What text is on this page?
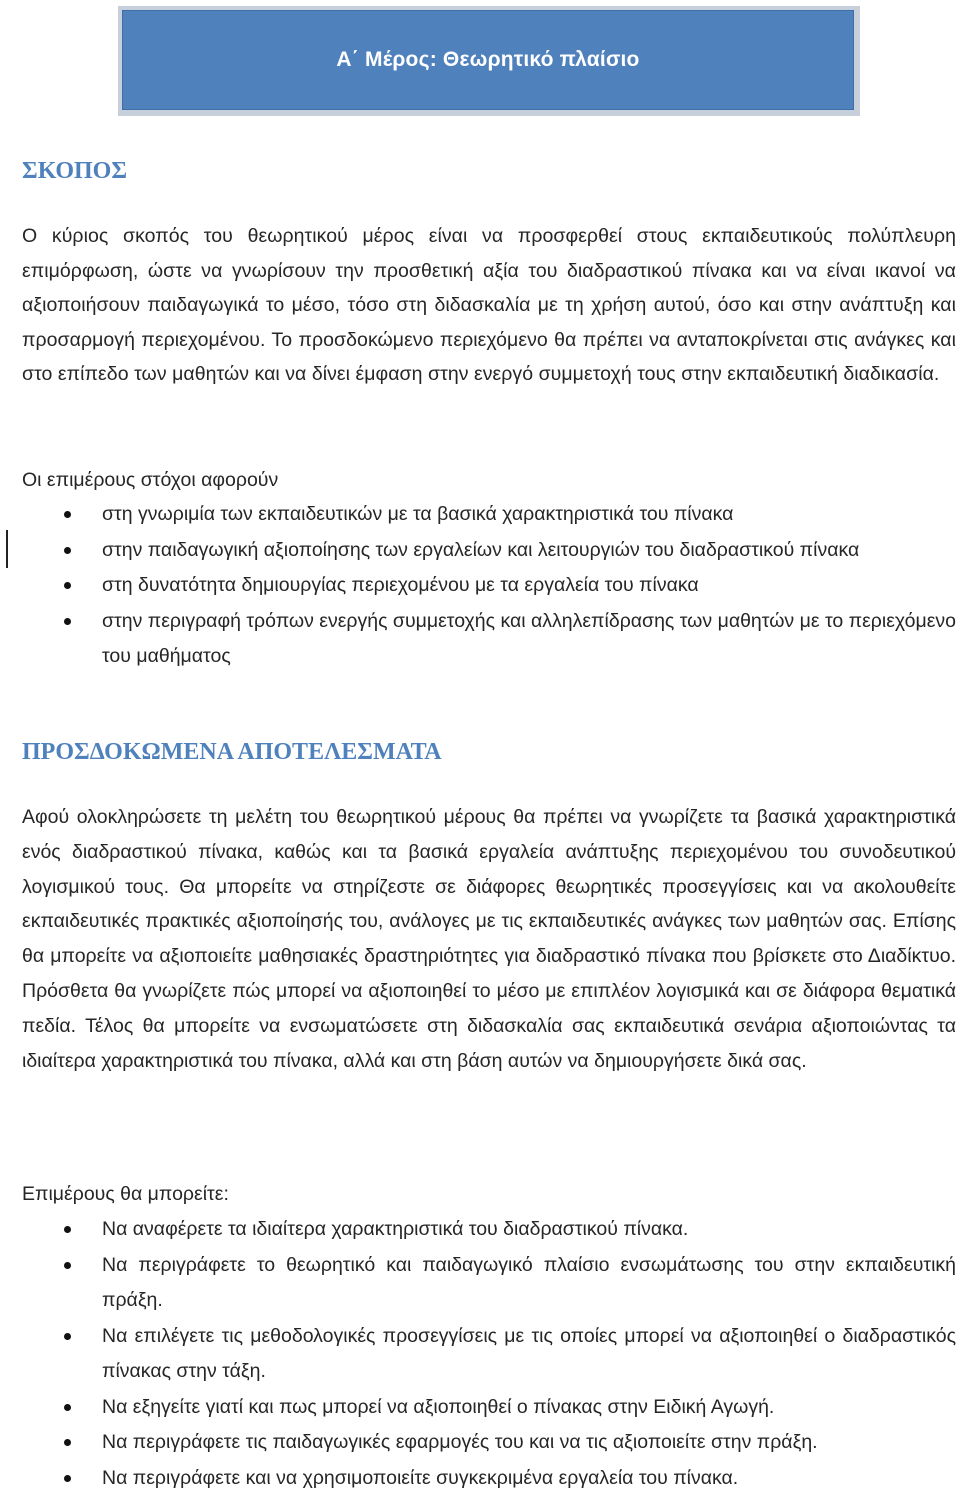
Α΄ Μέρος: Θεωρητικό πλαίσιο
ΣΚΟΠΟΣ

Ο κύριος σκοπός του θεωρητικού μέρος είναι να προσφερθεί στους εκπαιδευτικούς πολύπλευρη επιμόρφωση, ώστε να γνωρίσουν την προσθετική αξία του διαδραστικού πίνακα και να είναι ικανοί να αξιοποιήσουν παιδαγωγικά το μέσο, τόσο στη διδασκαλία με τη χρήση αυτού, όσο και στην ανάπτυξη και προσαρμογή περιεχομένου. Το προσδοκώμενο περιεχόμενο θα πρέπει να ανταποκρίνεται στις ανάγκες και στο επίπεδο των μαθητών και να δίνει έμφαση στην ενεργό συμμετοχή τους στην εκπαιδευτική διαδικασία.

Οι επιμέρους στόχοι αφορούν

στη γνωριμία των εκπαιδευτικών με τα βασικά χαρακτηριστικά του πίνακα
στην παιδαγωγική αξιοποίησης των εργαλείων και λειτουργιών του διαδραστικού πίνακα
στη δυνατότητα δημιουργίας περιεχομένου με τα εργαλεία του πίνακα
στην περιγραφή τρόπων ενεργής συμμετοχής και αλληλεπίδρασης των μαθητών με το περιεχόμενο του μαθήματος
ΠΡΟΣΔΟΚΩΜΕΝΑ ΑΠΟΤΕΛΕΣΜΑΤΑ

Αφού ολοκληρώσετε τη μελέτη του θεωρητικού μέρους θα πρέπει να γνωρίζετε τα βασικά χαρακτηριστικά ενός διαδραστικού πίνακα, καθώς και τα βασικά εργαλεία ανάπτυξης περιεχομένου του συνοδευτικού λογισμικού τους. Θα μπορείτε να στηρίζεστε σε διάφορες θεωρητικές προσεγγίσεις και να ακολουθείτε εκπαιδευτικές πρακτικές αξιοποίησής του, ανάλογες με τις εκπαιδευτικές ανάγκες των μαθητών σας. Επίσης θα μπορείτε να αξιοποιείτε μαθησιακές δραστηριότητες για διαδραστικό πίνακα που βρίσκετε στο Διαδίκτυο. Πρόσθετα θα γνωρίζετε πώς μπορεί να αξιοποιηθεί το μέσο με επιπλέον λογισμικά και σε διάφορα θεματικά πεδία. Τέλος θα μπορείτε να ενσωματώσετε στη διδασκαλία σας εκπαιδευτικά σενάρια αξιοποιώντας τα ιδιαίτερα χαρακτηριστικά του πίνακα, αλλά και στη βάση αυτών να δημιουργήσετε δικά σας.

Επιμέρους θα μπορείτε:

Να αναφέρετε τα ιδιαίτερα χαρακτηριστικά του διαδραστικού πίνακα.
Να περιγράφετε το θεωρητικό και παιδαγωγικό πλαίσιο ενσωμάτωσης του στην εκπαιδευτική πράξη.
Να επιλέγετε τις μεθοδολογικές προσεγγίσεις με τις οποίες μπορεί να αξιοποιηθεί ο διαδραστικός πίνακας στην τάξη.
Να εξηγείτε γιατί και πως μπορεί να αξιοποιηθεί ο πίνακας στην Ειδική Αγωγή.
Να περιγράφετε τις παιδαγωγικές εφαρμογές του και να τις αξιοποιείτε στην πράξη.
Να περιγράφετε και να χρησιμοποιείτε συγκεκριμένα εργαλεία του πίνακα.
